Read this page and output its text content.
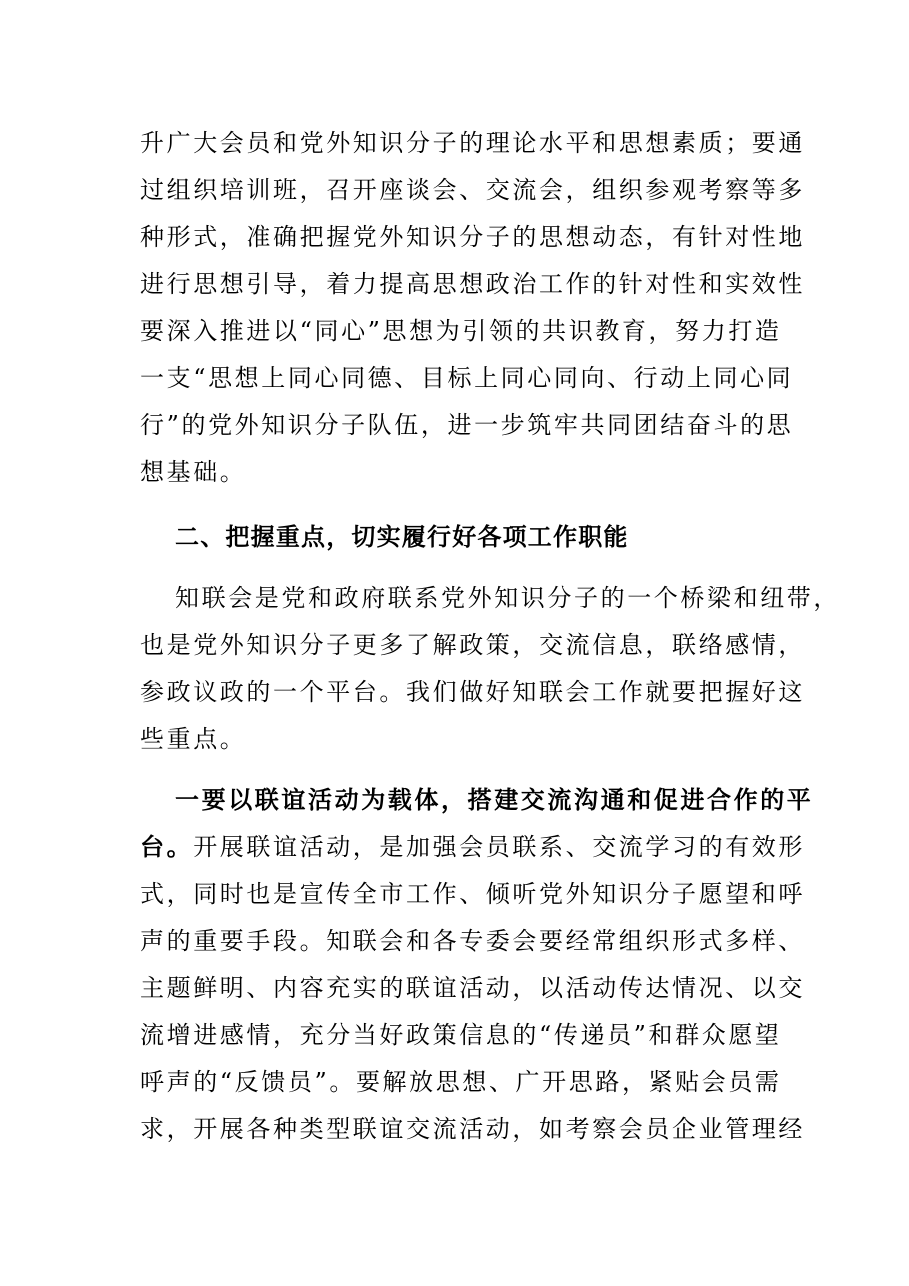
升广大会员和党外知识分子的理论水平和思想素质；要通
过组织培训班，召开座谈会、交流会，组织参观考察等多
种形式，准确把握党外知识分子的思想动态，有针对性地
进行思想引导，着力提高思想政治工作的针对性和实效性
要深入推进以“同心”思想为引领的共识教育，努力打造
一支“思想上同心同德、目标上同心同向、行动上同心同
行”的党外知识分子队伍，进一步筑牢共同团结奋斗的思
想基础。
二、把握重点，切实履行好各项工作职能
知联会是党和政府联系党外知识分子的一个桥梁和纽带，
也是党外知识分子更多了解政策，交流信息，联络感情，
参政议政的一个平台。我们做好知联会工作就要把握好这
些重点。
一要以联谊活动为载体，搭建交流沟通和促进合作的平
台。开展联谊活动，是加强会员联系、交流学习的有效形
式，同时也是宣传全市工作、倾听党外知识分子愿望和呼
声的重要手段。知联会和各专委会要经常组织形式多样、
主题鲜明、内容充实的联谊活动，以活动传达情况、以交
流增进感情，充分当好政策信息的“传递员”和群众愿望
呼声的“反馈员”。要解放思想、广开思路，紧贴会员需
求，开展各种类型联谊交流活动，如考察会员企业管理经
